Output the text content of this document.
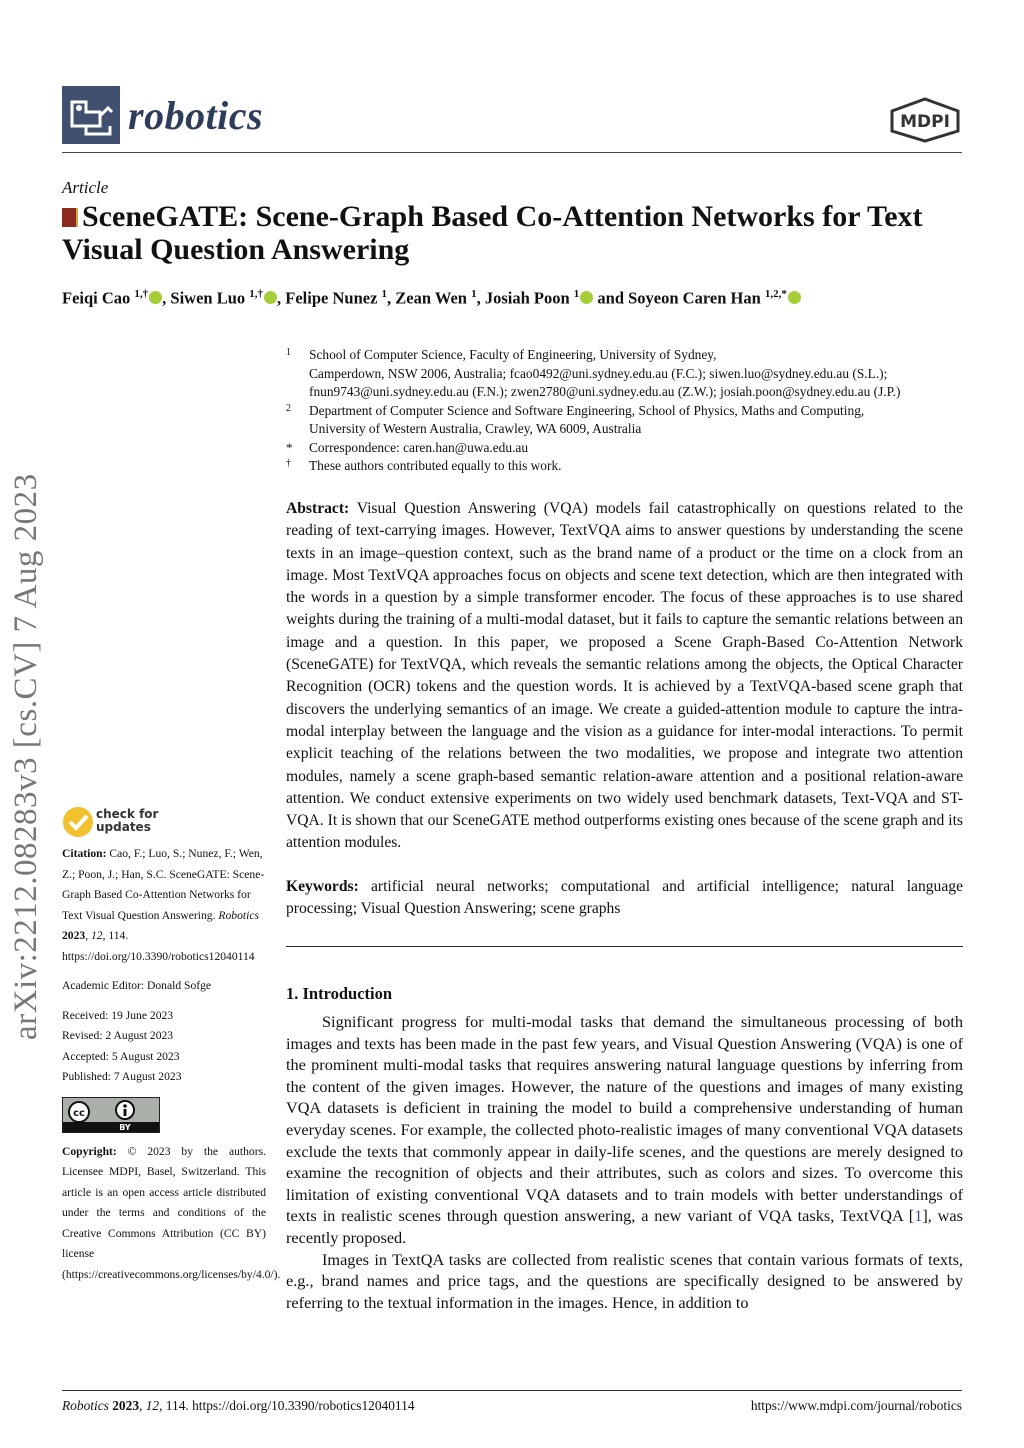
robotics	MDPI
Article
SceneGATE: Scene-Graph Based Co-Attention Networks for Text Visual Question Answering
Feiqi Cao $^{1,\dagger}$ , Siwen Luo $^{1,\dagger}$ , Felipe Nunez $^1$, Zean Wen $^1$, Josiah Poon $^1$ and Soyeon Caren Han $^{1,2,*}$
1 School of Computer Science, Faculty of Engineering, University of Sydney,
Camperdown, NSW 2006, Australia; fcao0492@uni.sydney.edu.au (F.C.); siwen.luo@sydney.edu.au (S.L.);
fnun9743@uni.sydney.edu.au (F.N.); zwen2780@uni.sydney.edu.au (Z.W.); josiah.poon@sydney.edu.au (J.P.)
2 Department of Computer Science and Software Engineering, School of Physics, Maths and Computing,
University of Western Australia, Crawley, WA 6009, Australia
* Correspondence: caren.han@uwa.edu.au
† These authors contributed equally to this work.
Abstract: Visual Question Answering (VQA) models fail catastrophically on questions related to the reading of text-carrying images. However, TextVQA aims to answer questions by understanding the scene texts in an image–question context, such as the brand name of a product or the time on a clock from an image. Most TextVQA approaches focus on objects and scene text detection, which are then integrated with the words in a question by a simple transformer encoder. The focus of these approaches is to use shared weights during the training of a multi-modal dataset, but it fails to capture the semantic relations between an image and a question. In this paper, we proposed a Scene Graph-Based Co-Attention Network (SceneGATE) for TextVQA, which reveals the semantic relations among the objects, the Optical Character Recognition (OCR) tokens and the question words. It is achieved by a TextVQA-based scene graph that discovers the underlying semantics of an image. We create a guided-attention module to capture the intra-modal interplay between the language and the vision as a guidance for inter-modal interactions. To permit explicit teaching of the relations between the two modalities, we propose and integrate two attention modules, namely a scene graph-based semantic relation-aware attention and a positional relation-aware attention. We conduct extensive experiments on two widely used benchmark datasets, Text-VQA and ST-VQA. It is shown that our SceneGATE method outperforms existing ones because of the scene graph and its attention modules.
Keywords: artificial neural networks; computational and artificial intelligence; natural language processing; Visual Question Answering; scene graphs
1. Introduction

Significant progress for multi-modal tasks that demand the simultaneous processing of both images and texts has been made in the past few years, and Visual Question Answering (VQA) is one of the prominent multi-modal tasks that requires answering natural language questions by inferring from the content of the given images. However, the nature of the questions and images of many existing VQA datasets is deficient in training the model to build a comprehensive understanding of human everyday scenes. For example, the collected photo-realistic images of many conventional VQA datasets exclude the texts that commonly appear in daily-life scenes, and the questions are merely designed to examine the recognition of objects and their attributes, such as colors and sizes. To overcome this limitation of existing conventional VQA datasets and to train models with better understandings of texts in realistic scenes through question answering, a new variant of VQA tasks, TextVQA [1], was recently proposed.

Images in TextQA tasks are collected from realistic scenes that contain various formats of texts, e.g., brand names and price tags, and the questions are specifically designed to be answered by referring to the textual information in the images. Hence, in addition to

arXiv:2212.08283v3 [cs.CV] 7 Aug 2023	check for
updates
Citation: Cao, F.; Luo, S.; Nunez, F.; Wen, Z.; Poon, J.; Han, S.C. SceneGATE: Scene-Graph Based Co-Attention Networks for Text Visual Question Answering. Robotics 2023, 12, 114. https://doi.org/10.3390/robotics12040114
Academic Editor: Donald Sofge
Received: 19 June 2023
Revised: 2 August 2023
Accepted: 5 August 2023
Published: 7 August 2023
cc
BY
Copyright: © 2023 by the authors. Licensee MDPI, Basel, Switzerland. This article is an open access article distributed under the terms and conditions of the Creative Commons Attribution (CC BY) license (https://creativecommons.org/licenses/by/4.0/).
Robotics 2023, 12, 114. https://doi.org/10.3390/robotics12040114	https://www.mdpi.com/journal/robotics
